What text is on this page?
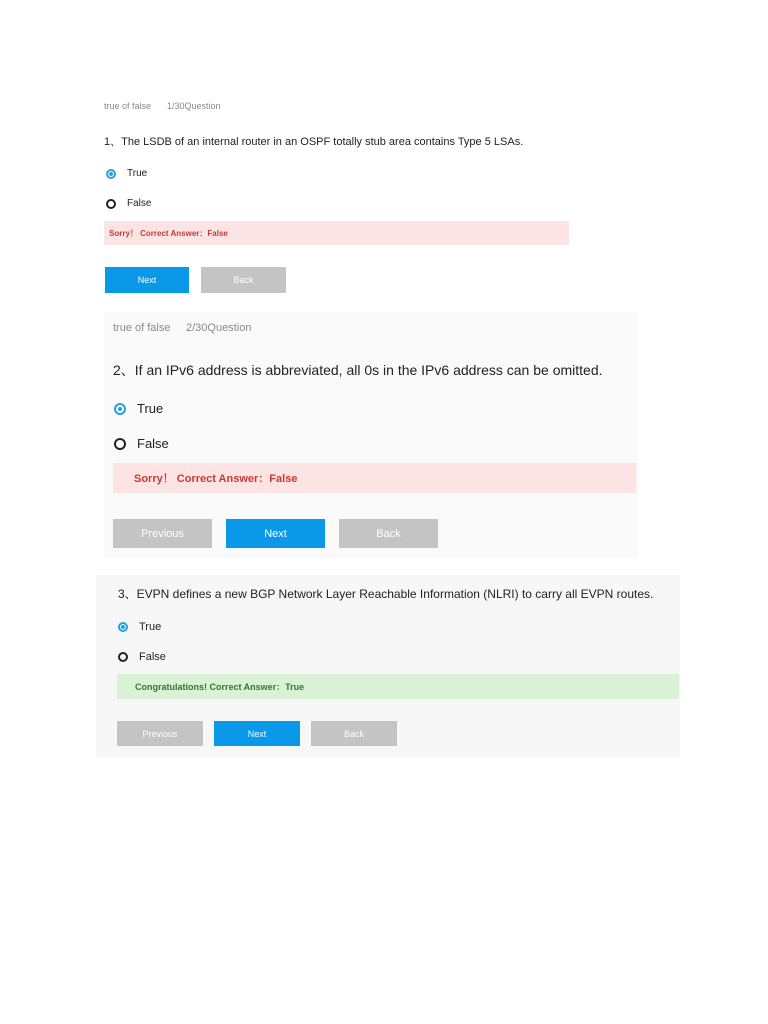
true of false 1/30Question
1、The LSDB of an internal router in an OSPF totally stub area contains Type 5 LSAs.
True
False
Sorry！ Correct Answer：False
Next	Back
true of false 2/30Question
2、If an IPv6 address is abbreviated, all 0s in the IPv6 address can be omitted.
True
False
Sorry！ Correct Answer：False
Previous	Next	Back
3、EVPN defines a new BGP Network Layer Reachable Information (NLRI) to carry all EVPN routes.
True
False
Congratulations! Correct Answer：True
Previous	Next	Back
